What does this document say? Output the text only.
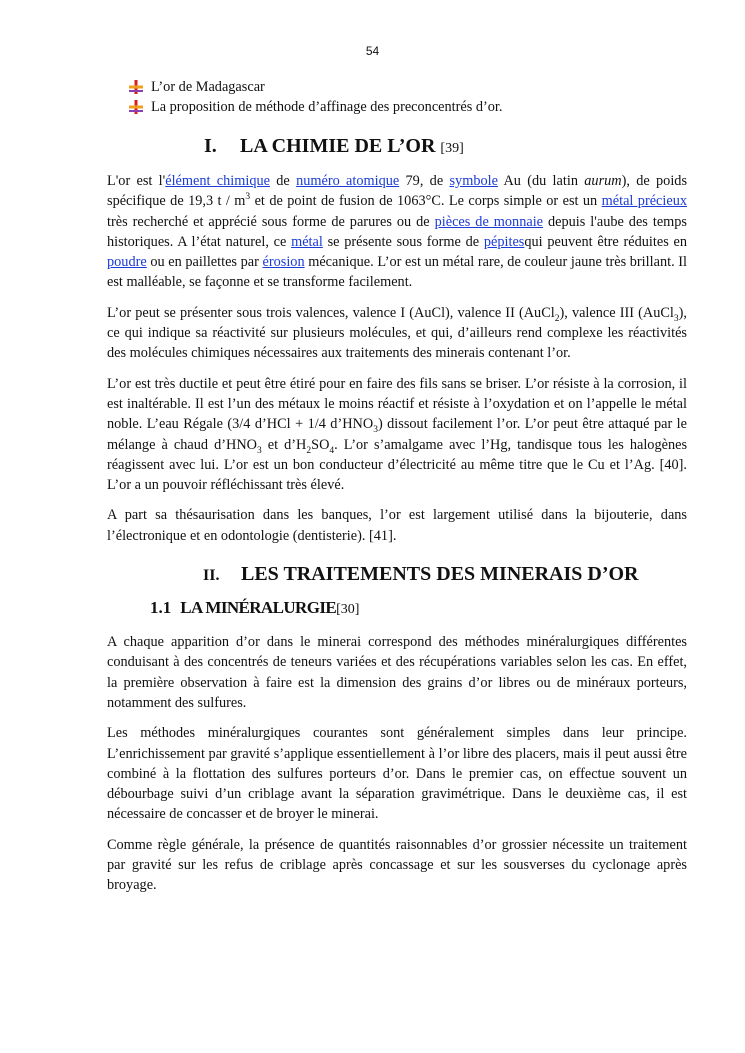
54
L’or de Madagascar
La proposition de méthode d’affinage des preconcentrés d’or.
I.	LA CHIMIE DE L’OR [39]

L'or est l'élément chimique de numéro atomique 79, de symbole Au (du latin aurum), de poids spécifique de 19,3 t / $m^3$ et de point de fusion de 1063°C. Le corps simple or est un métal précieux très recherché et apprécié sous forme de parures ou de pièces de monnaie depuis l'aube des temps historiques. A l’état naturel, ce métal se présente sous forme de pépitesqui peuvent être réduites en poudre ou en paillettes par érosion mécanique. L’or est un métal rare, de couleur jaune très brillant. Il est malléable, se façonne et se transforme facilement.

L’or peut se présenter sous trois valences, valence I (AuCl), valence II (AuCl$_2$), valence III (AuCl$_3$), ce qui indique sa réactivité sur plusieurs molécules, et qui, d’ailleurs rend complexe les réactivités des molécules chimiques nécessaires aux traitements des minerais contenant l’or.

L’or est très ductile et peut être étiré pour en faire des fils sans se briser. L’or résiste à la corrosion, il est inaltérable. Il est l’un des métaux le moins réactif et résiste à l’oxydation et on l’appelle le métal noble. L’eau Régale (3/4 d’HCl + 1/4 $d’HNO_3$) dissout facilement l’or. L’or peut être attaqué par le mélange à chaud $d’HNO_3$ et $d’H_2SO_4$. L’or s’amalgame avec l’Hg, tandisque tous les halogènes réagissent avec lui. L’or est un bon conducteur d’électricité au même titre que le Cu et l’Ag. [40]. L’or a un pouvoir réfléchissant très élevé.

A part sa thésaurisation dans les banques, l’or est largement utilisé dans la bijouterie, dans l’électronique et en odontologie (dentisterie). [41].

II.	LES TRAITEMENTS DES MINERAIS D’OR
1.1 LA MINÉRALURGIE[30]

A chaque apparition d’or dans le minerai correspond des méthodes minéralurgiques différentes conduisant à des concentrés de teneurs variées et des récupérations variables selon les cas. En effet, la première observation à faire est la dimension des grains d’or libres ou de minéraux porteurs, notamment des sulfures.

Les méthodes minéralurgiques courantes sont généralement simples dans leur principe. L’enrichissement par gravité s’applique essentiellement à l’or libre des placers, mais il peut aussi être combiné à la flottation des sulfures porteurs d’or. Dans le premier cas, on effectue souvent un débourbage suivi d’un criblage avant la séparation gravimétrique. Dans le deuxième cas, il est nécessaire de concasser et de broyer le minerai.

Comme règle générale, la présence de quantités raisonnables d’or grossier nécessite un traitement par gravité sur les refus de criblage après concassage et sur les sousverses du cyclonage après broyage.
